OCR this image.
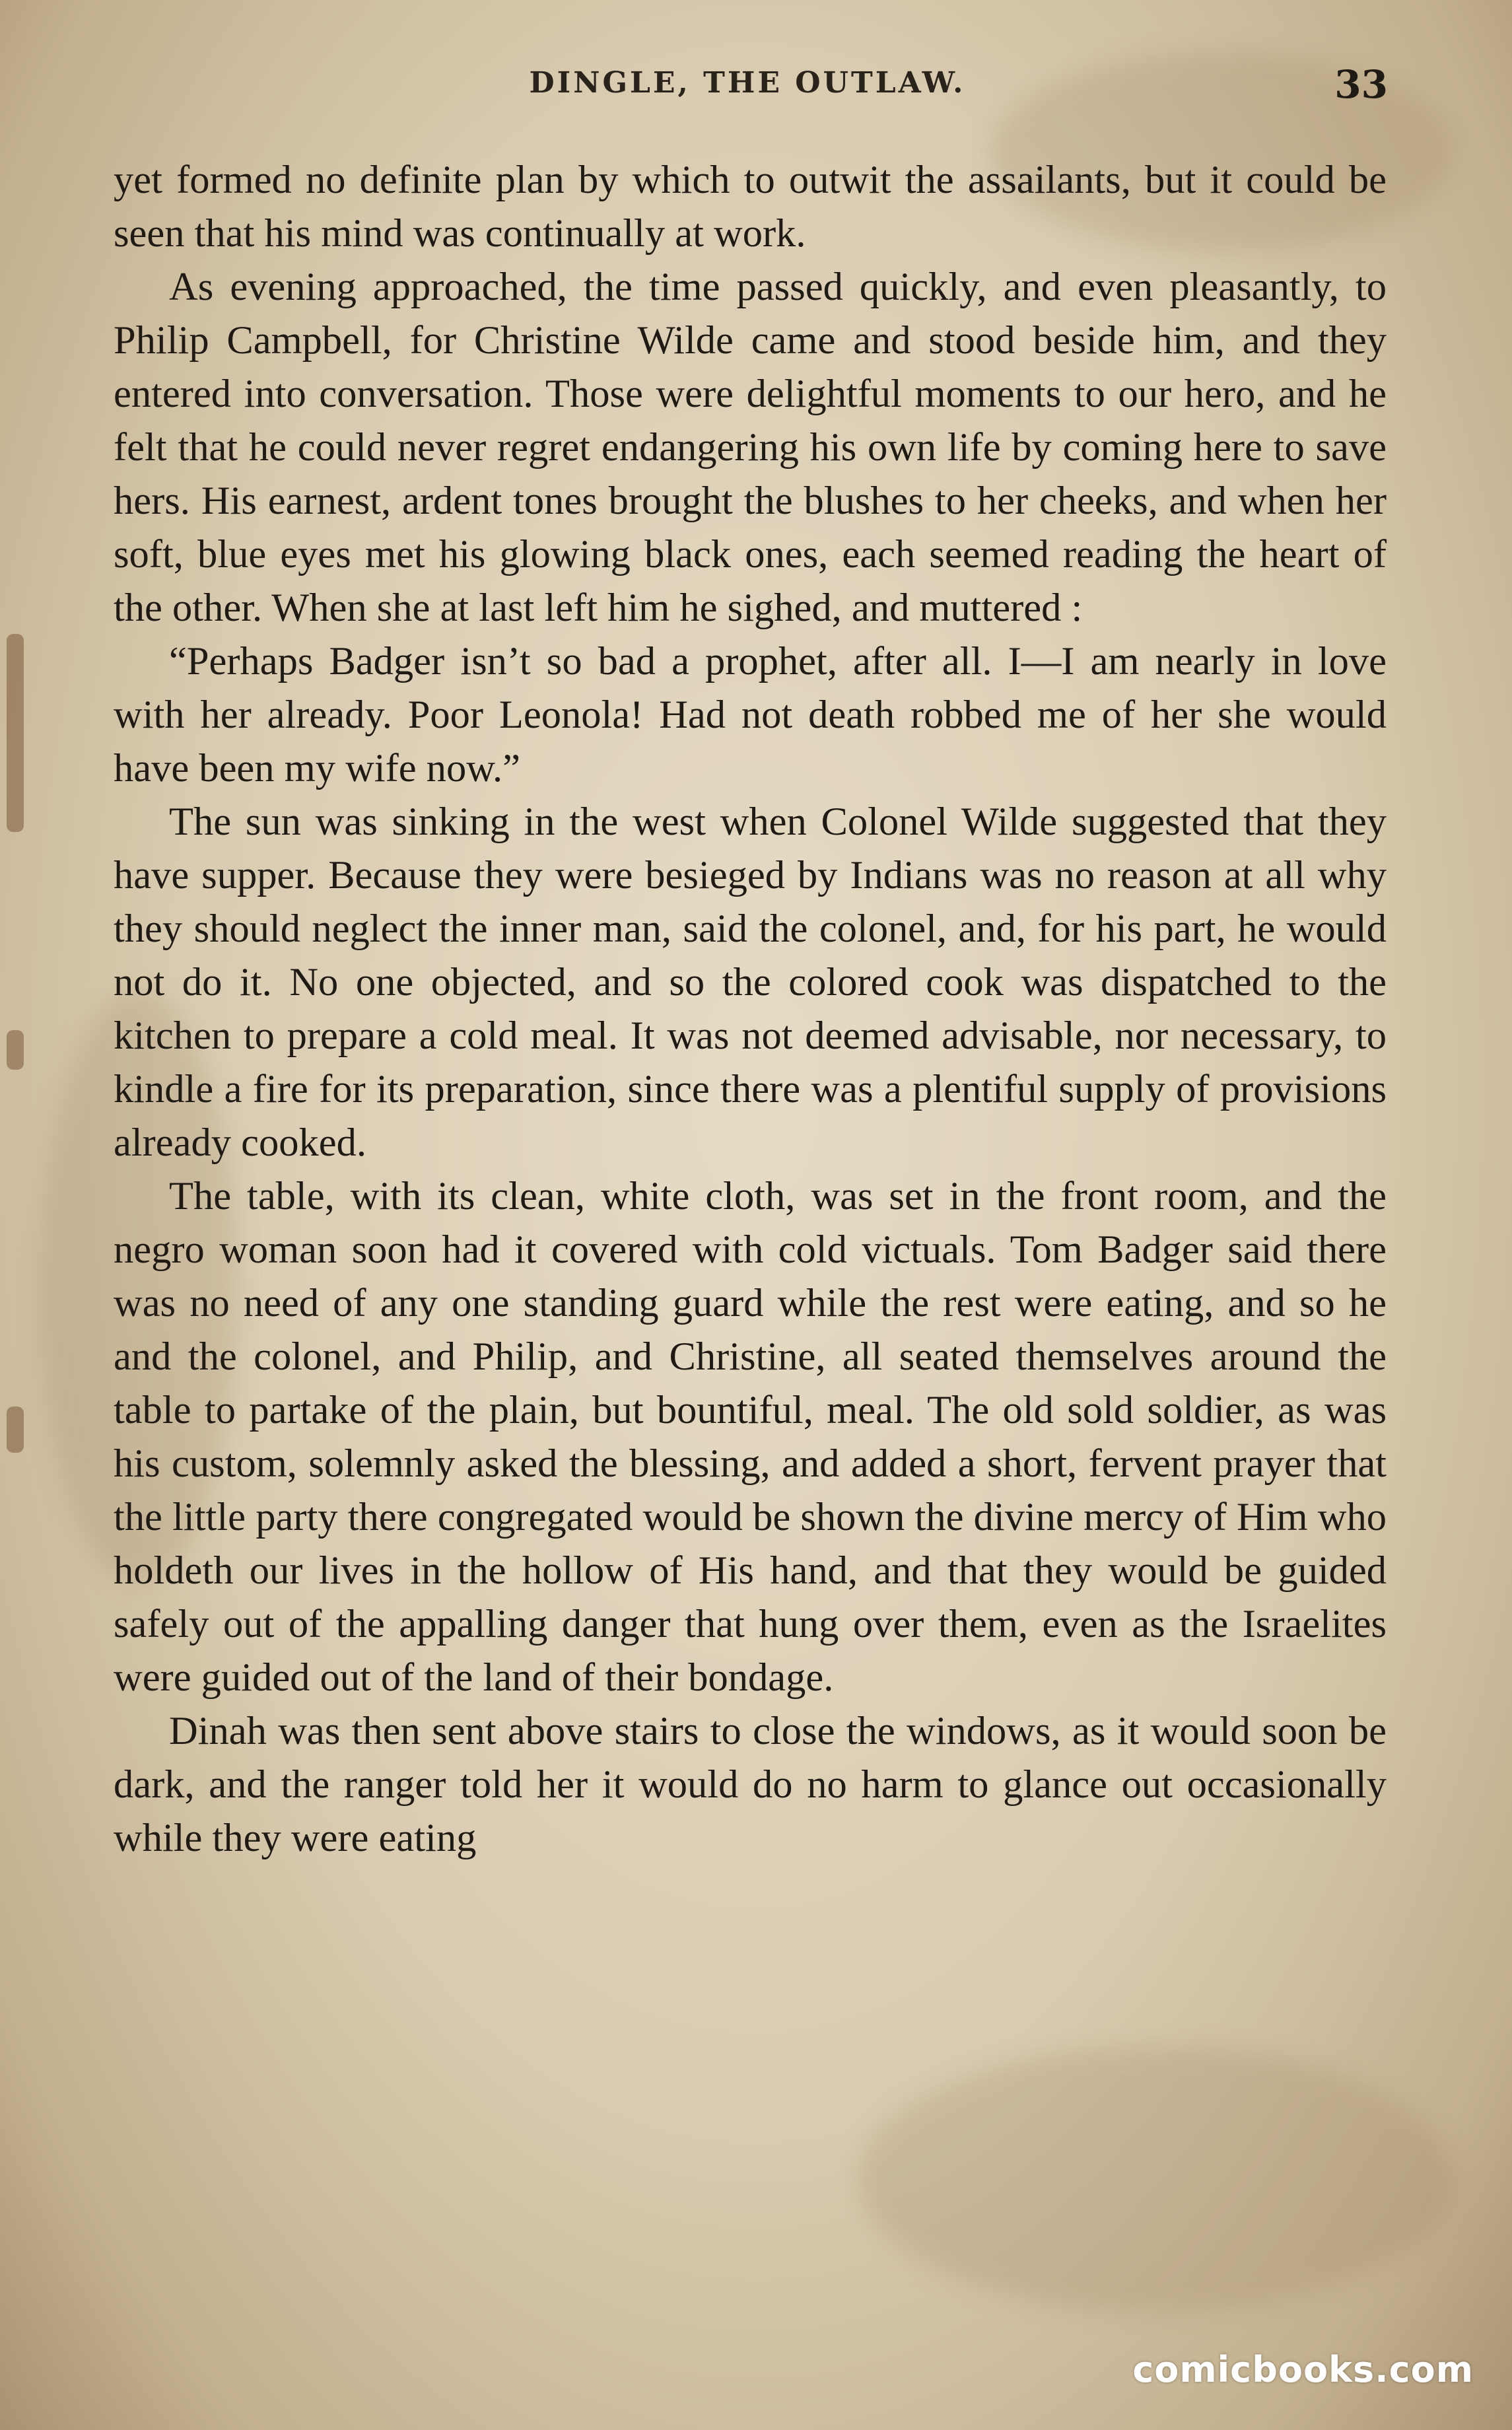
DINGLE, THE OUTLAW.	33

yet formed no definite plan by which to outwit the assailants, but it could be seen that his mind was continually at work.

As evening approached, the time passed quickly, and even pleasantly, to Philip Campbell, for Christine Wilde came and stood beside him, and they entered into conversation. Those were delightful moments to our hero, and he felt that he could never regret endangering his own life by coming here to save hers. His earnest, ardent tones brought the blushes to her cheeks, and when her soft, blue eyes met his glowing black ones, each seemed reading the heart of the other. When she at last left him he sighed, and muttered :

“Perhaps Badger isn’t so bad a prophet, after all. I—I am nearly in love with her already. Poor Leonola! Had not death robbed me of her she would have been my wife now.”

The sun was sinking in the west when Colonel Wilde suggested that they have supper. Because they were besieged by Indians was no reason at all why they should neglect the inner man, said the colonel, and, for his part, he would not do it. No one objected, and so the colored cook was dispatched to the kitchen to prepare a cold meal. It was not deemed advisable, nor necessary, to kindle a fire for its preparation, since there was a plentiful supply of provisions already cooked.

The table, with its clean, white cloth, was set in the front room, and the negro woman soon had it covered with cold victuals. Tom Badger said there was no need of any one standing guard while the rest were eating, and so he and the colonel, and Philip, and Christine, all seated themselves around the table to partake of the plain, but bountiful, meal. The old sold soldier, as was his custom, solemnly asked the blessing, and added a short, fervent prayer that the little party there congregated would be shown the divine mercy of Him who holdeth our lives in the hollow of His hand, and that they would be guided safely out of the appalling danger that hung over them, even as the Israelites were guided out of the land of their bondage.

Dinah was then sent above stairs to close the windows, as it would soon be dark, and the ranger told her it would do no harm to glance out occasionally while they were eating

comicbooks.com
